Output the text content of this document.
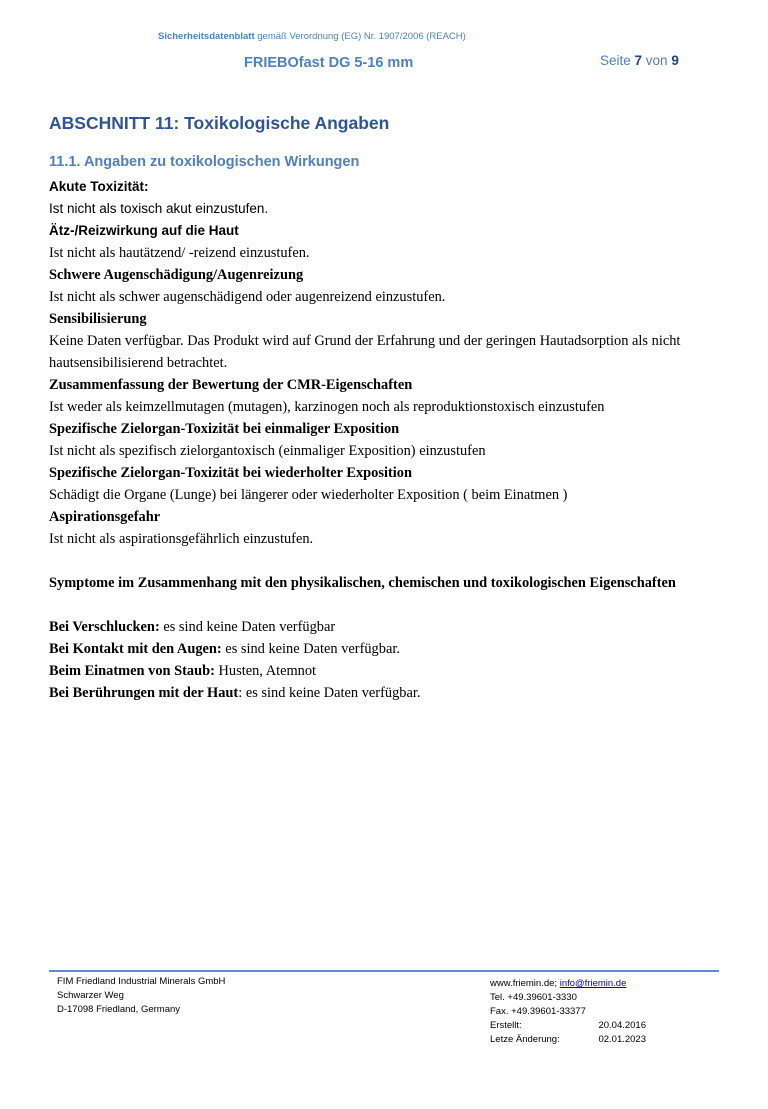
Sicherheitsdatenblatt gemäß Verordnung (EG) Nr. 1907/2006 (REACH)
FRIEBOfast DG 5-16 mm	Seite 7 von 9
ABSCHNITT 11: Toxikologische Angaben
11.1. Angaben zu toxikologischen Wirkungen
Akute Toxizität:
Ist nicht als toxisch akut einzustufen.
Ätz-/Reizwirkung auf die Haut
Ist nicht als hautätzend/ -reizend einzustufen.
Schwere Augenschädigung/Augenreizung
Ist nicht als schwer augenschädigend oder augenreizend einzustufen.
Sensibilisierung
Keine Daten verfügbar. Das Produkt wird auf Grund der Erfahrung und der geringen Hautadsorption als nicht hautsensibilisierend betrachtet.
Zusammenfassung der Bewertung der CMR-Eigenschaften
Ist weder als keimzellmutagen (mutagen), karzinogen noch als reproduktionstoxisch einzustufen
Spezifische Zielorgan-Toxizität bei einmaliger Exposition
Ist nicht als spezifisch zielorgantoxisch (einmaliger Exposition) einzustufen
Spezifische Zielorgan-Toxizität bei wiederholter Exposition
Schädigt die Organe (Lunge) bei längerer oder wiederholter Exposition ( beim Einatmen )
Aspirationsgefahr
Ist nicht als aspirationsgefährlich einzustufen.
Symptome im Zusammenhang mit den physikalischen, chemischen und toxikologischen Eigenschaften
Bei Verschlucken: es sind keine Daten verfügbar
Bei Kontakt mit den Augen: es sind keine Daten verfügbar.
Beim Einatmen von Staub: Husten, Atemnot
Bei Berührungen mit der Haut: es sind keine Daten verfügbar.
FIM Friedland Industrial Minerals GmbH
Schwarzer Weg
D-17098 Friedland, Germany
www.friemin.de; info@friemin.de
Tel. +49.39601-3330
Fax. +49.39601-33377
Erstellt:	20.04.2016
Letze Änderung:	02.01.2023
